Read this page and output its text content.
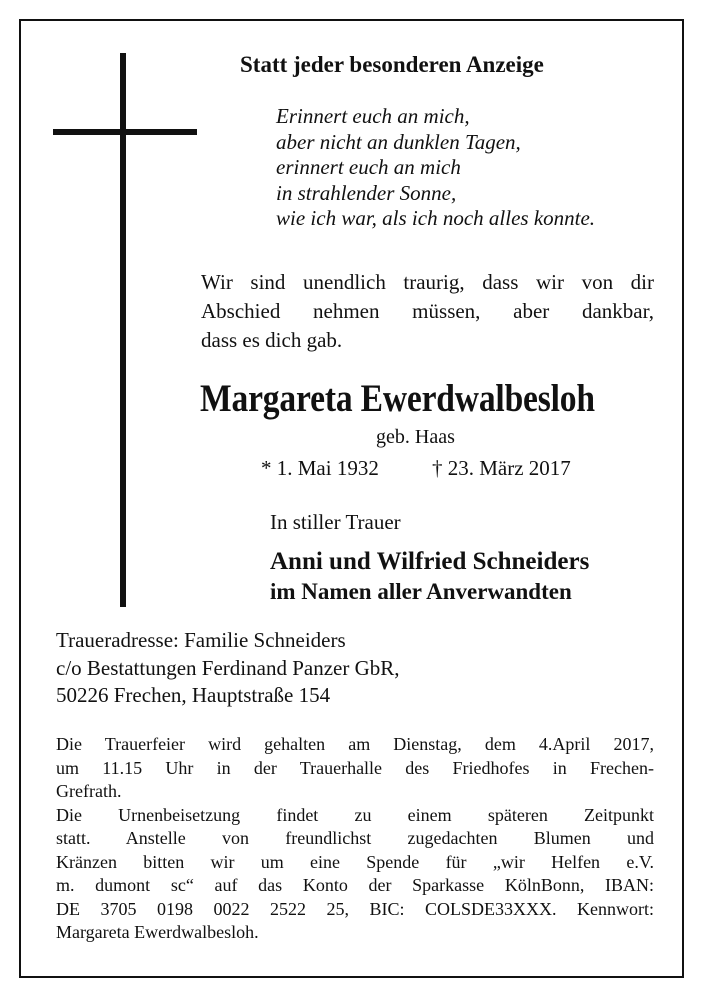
Statt jeder besonderen Anzeige
Erinnert euch an mich,
aber nicht an dunklen Tagen,
erinnert euch an mich
in strahlender Sonne,
wie ich war, als ich noch alles konnte.
Wir sind unendlich traurig, dass wir von dir
Abschied nehmen müssen, aber dankbar,
dass es dich gab.
Margareta Ewerdwalbesloh
geb. Haas
* 1. Mai 1932	† 23. März 2017
In stiller Trauer
Anni und Wilfried Schneiders
im Namen aller Anverwandten
Traueradresse: Familie Schneiders
c/o Bestattungen Ferdinand Panzer GbR,
50226 Frechen, Hauptstraße 154
Die Trauerfeier wird gehalten am Dienstag, dem 4.April 2017,
um 11.15 Uhr in der Trauerhalle des Friedhofes in Frechen-
Grefrath.
Die Urnenbeisetzung findet zu einem späteren Zeitpunkt
statt. Anstelle von freundlichst zugedachten Blumen und
Kränzen bitten wir um eine Spende für „wir Helfen e.V.
m. dumont sc“ auf das Konto der Sparkasse KölnBonn, IBAN:
DE 3705 0198 0022 2522 25, BIC: COLSDE33XXX. Kennwort:
Margareta Ewerdwalbesloh.
